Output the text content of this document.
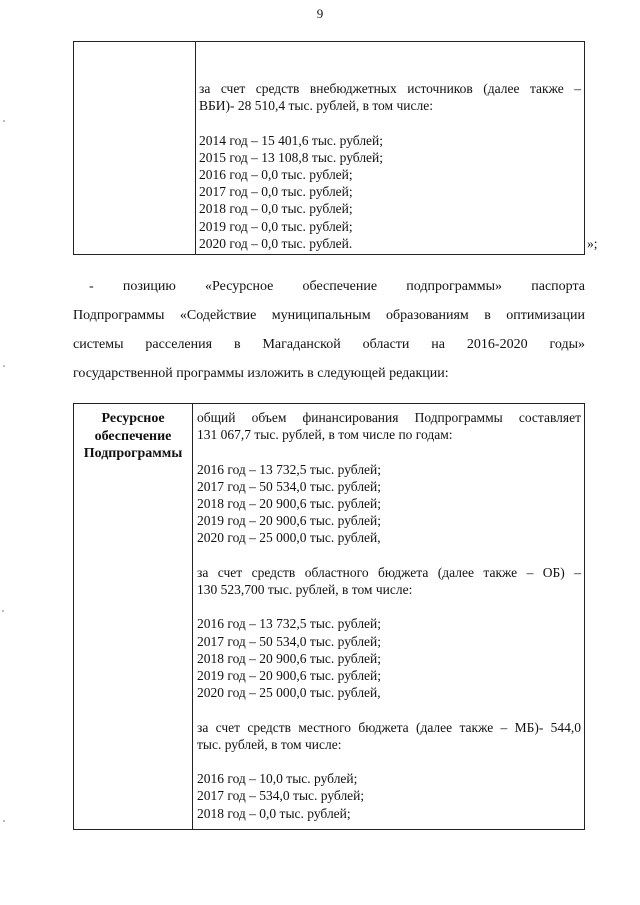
9
за счет средств внебюджетных источников (далее также –
ВБИ)- 28 510,4 тыс. рублей, в том числе:
2014 год – 15 401,6 тыс. рублей;
2015 год – 13 108,8 тыс. рублей;
2016 год – 0,0 тыс. рублей;
2017 год – 0,0 тыс. рублей;
2018 год – 0,0 тыс. рублей;
2019 год – 0,0 тыс. рублей;
2020 год – 0,0 тыс. рублей.	»;
- позицию «Ресурсное обеспечение подпрограммы» паспорта
Подпрограммы «Содействие муниципальным образованиям в оптимизации
системы расселения в Магаданской области на 2016-2020 годы»
государственной программы изложить в следующей редакции:
Ресурсное
обеспечение
Подпрограммы
общий объем финансирования Подпрограммы составляет
131 067,7 тыс. рублей, в том числе по годам:
2016 год – 13 732,5 тыс. рублей;
2017 год – 50 534,0 тыс. рублей;
2018 год – 20 900,6 тыс. рублей;
2019 год – 20 900,6 тыс. рублей;
2020 год – 25 000,0 тыс. рублей,
за счет средств областного бюджета (далее также – ОБ) –
130 523,700 тыс. рублей, в том числе:
2016 год – 13 732,5 тыс. рублей;
2017 год – 50 534,0 тыс. рублей;
2018 год – 20 900,6 тыс. рублей;
2019 год – 20 900,6 тыс. рублей;
2020 год – 25 000,0 тыс. рублей,
за счет средств местного бюджета (далее также – МБ)- 544,0
тыс. рублей, в том числе:
2016 год – 10,0 тыс. рублей;
2017 год – 534,0 тыс. рублей;
2018 год – 0,0 тыс. рублей;
